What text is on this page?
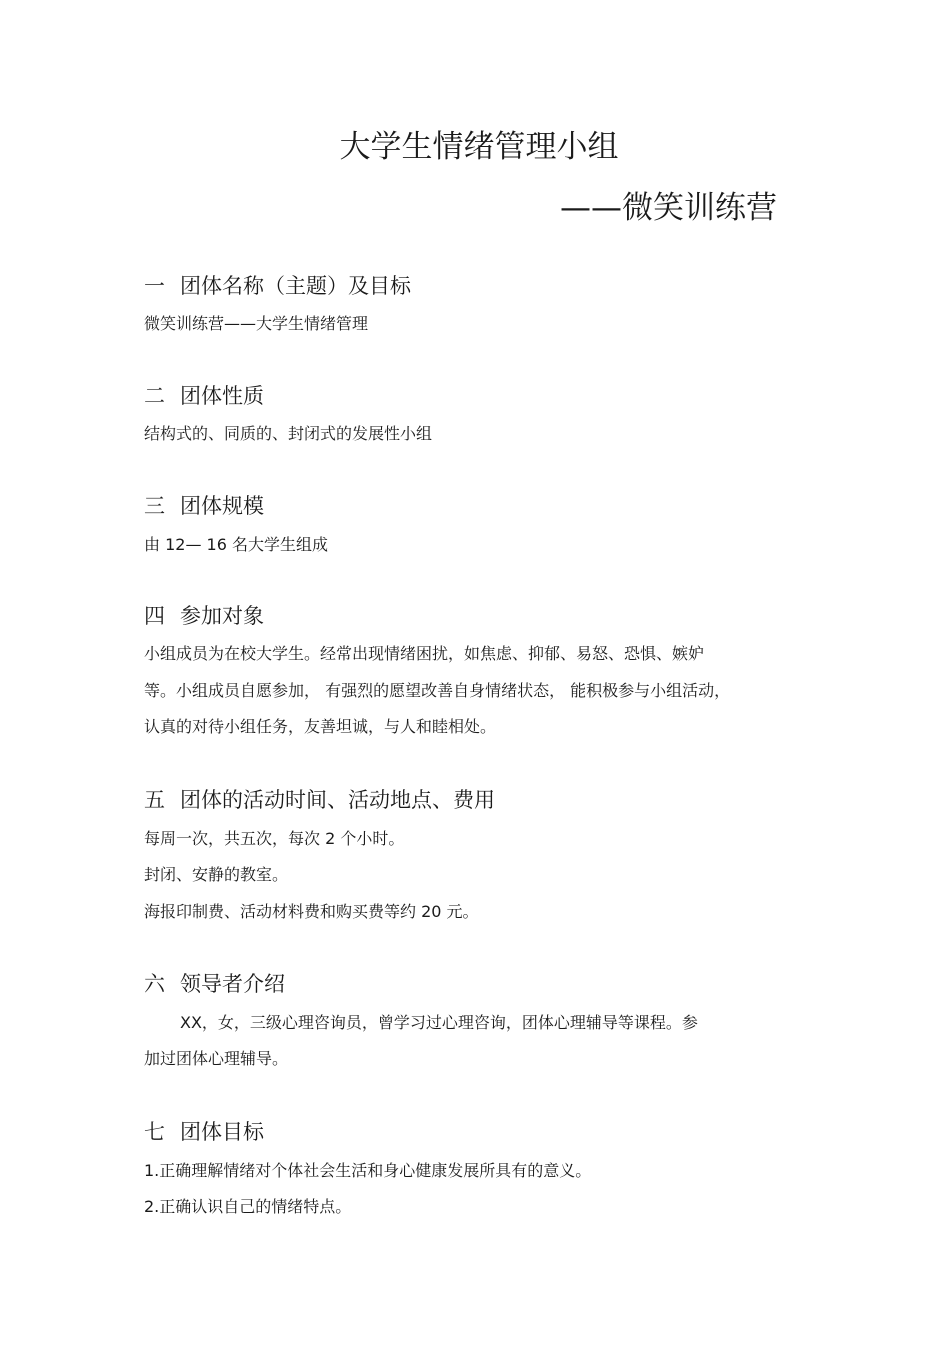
大学生情绪管理小组
——微笑训练营
一 团体名称（主题）及目标
微笑训练营——大学生情绪管理
二 团体性质
结构式的、同质的、封闭式的发展性小组
三 团体规模
由 12— 16 名大学生组成
四 参加对象
小组成员为在校大学生。经常出现情绪困扰，如焦虑、抑郁、易怒、恐惧、嫉妒
等。小组成员自愿参加， 有强烈的愿望改善自身情绪状态， 能积极参与小组活动，
认真的对待小组任务，友善坦诚，与人和睦相处。
五 团体的活动时间、活动地点、费用
每周一次，共五次，每次 2 个小时。
封闭、安静的教室。
海报印制费、活动材料费和购买费等约 20 元。
六 领导者介绍
XX，女，三级心理咨询员，曾学习过心理咨询，团体心理辅导等课程。参
加过团体心理辅导。
七 团体目标
1.正确理解情绪对个体社会生活和身心健康发展所具有的意义。
2.正确认识自己的情绪特点。
